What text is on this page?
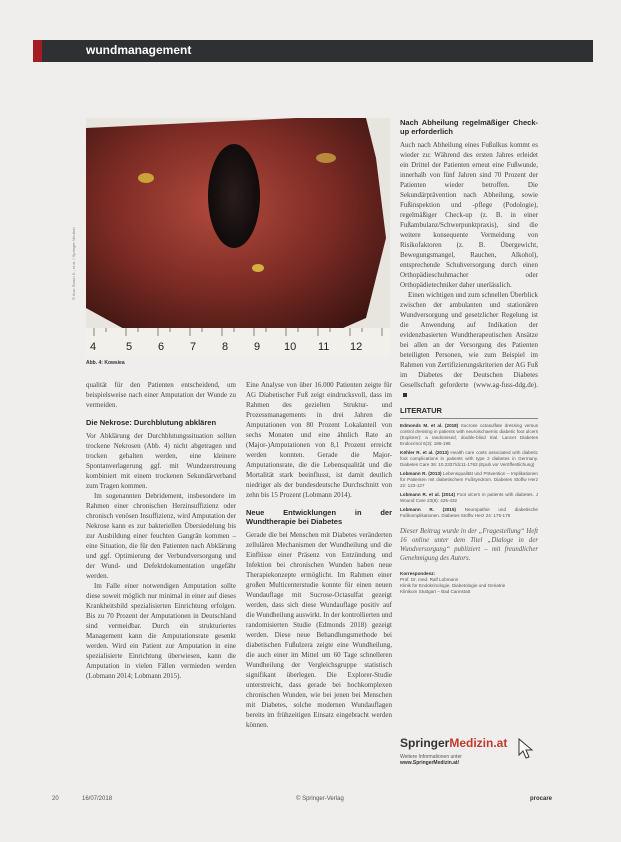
wundmanagement
4	5 6 7 8 9 10 11 12
© Aus: Braun K., et al. / Springer Medizin
Abb. 4: Kowsiea

qualität für den Patienten entscheidend, um beispielsweise nach einer Amputation der Wunde zu vermeiden.

Die Nekrose: Durchblutung abklären

Vor Abklärung der Durchblutungssituation sollten trockene Nekrosen (Abb. 4) nicht abgetragen und trocken gehalten werden, eine kleinere Spontanverlagerung ggf. mit Wundzerstreuung kombiniert mit einem trockenen Sekundärverband zum Tragen kommen.

Im sogenannten Debridement, insbesondere im Rahmen einer chronischen Herzinsuffizienz oder chronisch venösen Insuffizienz, wird Amputation der Nekrose kann es zur bakteriellen Übersiedelung bis zur Ausbildung einer feuchten Gangrän kommen – eine Situation, die für den Patienten nach Abklärung und ggf. Optimierung der Verbundversorgung und der Wund- und Defektdokumentation ungefähr werden.

Im Falle einer notwendigen Amputation sollte diese soweit möglich nur minimal in einer auf dieses Krankheitsbild spezialisierten Einrichtung erfolgen. Bis zu 70 Prozent der Amputationen in Deutschland sind vermeidbar. Durch ein strukturiertes Management kann die Amputationsrate gesenkt werden. Wird ein Patient zur Amputation in eine spezialisierte Einrichtung überwiesen, kann die Amputation in vielen Fällen vermieden werden (Lobmann 2014; Lobmann 2015).

Eine Analyse von über 16.000 Patienten zeigte für AG Diabetischer Fuß zeigt eindrucksvoll, dass im Rahmen des gezielten Struktur- und Prozessmanagements in drei Jahren die Amputationen von 80 Prozent Lokalanteil von sechs Monaten und eine ähnlich Rate an (Major-)Amputationen von 8,1 Prozent erreicht werden konnten. Gerade die Major-Amputationsrate, die die Lebensqualität und die Mortalität stark beeinflusst, ist damit deutlich niedriger als der bundesdeutsche Durchschnitt von zehn bis 15 Prozent (Lobmann 2014).

Neue Entwicklungen in der Wundtherapie bei Diabetes

Gerade die bei Menschen mit Diabetes veränderten zellulären Mechanismen der Wundheilung und die Einflüsse einer Präsenz von Entzündung und Infektion bei chronischen Wunden haben neue Therapiekonzepte ermöglicht. Im Rahmen einer großen Multicenterstudie konnte für einen neuen Wundauflage mit Sucrose-Octasulfat gezeigt werden, dass sich diese Wundauflage positiv auf die Wundheilung auswirkt. In der kontrollierten und randomisierten Studie (Edmonds 2018) gezeigt werden. Diese neue Behandlungsmethode bei diabetischen Fußulzera zeigte eine Wundheilung, die auch einer im Mittel um 60 Tage schnelleren Wundheilung der Vergleichsgruppe statistisch signifikant überlegen. Die Explorer-Studie unterstreicht, dass gerade bei hochkomplexen chronischen Wunden, wie bei jenen bei Menschen mit Diabetes, solche modernen Wundauflagen bereits im frühzeitigen Einsatz eingebracht werden können.

Nach Abheilung regelmäßiger Check-up erforderlich

Auch nach Abheilung eines Fußulkus kommt es wieder zu: Während des ersten Jahres erleidet ein Drittel der Patienten erneut eine Fußwunde, innerhalb von fünf Jahren sind 70 Prozent der Patienten wieder betroffen. Die Sekundärprävention nach Abheilung, sowie Fußinspektion und -pflege (Podologie), regelmäßiger Check-up (z. B. in einer Fußambulanz/Schwerpunktpraxis), sind die weitere konsequente Vermeidung von Risikofaktoren (z. B. Übergewicht, Bewegungsmangel, Rauchen, Alkohol), entsprechende Schuhversorgung durch einen Orthopädieschuhmacher oder Orthopädietechniker daher unerlässlich.

Einen wichtigen und zum schnellen Überblick zwischen der ambulanten und stationären Wundversorgung und gesetzlicher Regelung ist die Anwendung auf Indikation der evidenzbasierten Wundtherapeutischen Ansätze bei allen an der Versorgung des Patienten beteiligten Personen, wie zum Beispiel im Rahmen von Zertifizierungskriterien der AG Fuß im Diabetes der Deutschen Diabetes Gesellschaft geforderte (www.ag-fuss-ddg.de).

LITERATUR
Edmonds M. et al. (2018) Sucrose octasulfate dressing versus control dressing in patients with neuroischaemic diabetic foot ulcers (Explorer): a randomised, double-blind trial. Lancet Diabetes Endocrinol 6(3): 186-196
Köhler R. et al. (2013) Health care costs associated with diabetic foot complications in patients with type 2 diabetes in Germany. Diabetes Care 36: 10.2337/dc11-1763 (Epub vor Veröffentlichung)
Lobmann R. (2013) Lebensqualität und Prävention – Implikationen für Patienten mit diabetischem Fußsyndrom. Diabetes Stoffw Herz 22: 123-127
Lobmann R. et al. (2014) Foot ulcers in patients with diabetes. J Wound Care 23(8): 425-432
Lobmann R. (2015) Neuropathie und diabetische Fußkomplikationen. Diabetes Stoffw Herz 24: 175-178

Dieser Beitrag wurde in der „Fragestellung“ Heft 16 online unter dem Titel „Dialoge in der Wundversorgung“ publiziert – mit freundlicher Genehmigung des Autors.

Korrespondenz:
Prof. Dr. med. Ralf Lobmann
Klinik für Endokrinologie, Diabetologie und Geriatrie
Klinikum Stuttgart – Bad Cannstatt
SpringerMedizin.at
Weitere Informationen unter
www.SpringerMedizin.at/
20	16/07/2018	© Springer-Verlag	procare
